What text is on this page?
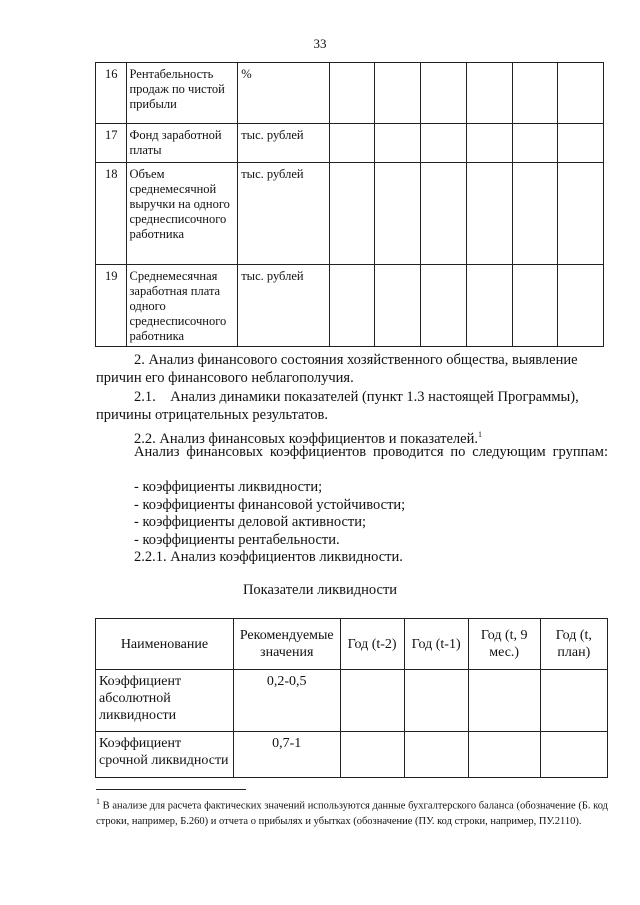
33
16	Рентабельность продаж по чистой прибыли	%						
17	Фонд заработной платы	тыс. рублей						
18	Объем среднемесячной выручки на одного среднесписочного работника	тыс. рублей						
19	Среднемесячная заработная плата одного среднесписочного работника	тыс. рублей						

2. Анализ финансового состояния хозяйственного общества, выявление причин его финансового неблагополучия.

2.1.    Анализ динамики показателей (пункт 1.3 настоящей Программы), причины отрицательных результатов.

2.2. Анализ финансовых коэффициентов и показателей.$^1$

Анализ финансовых коэффициентов проводится по следующим группам:

- коэффициенты ликвидности;
- коэффициенты финансовой устойчивости;
- коэффициенты деловой активности;
- коэффициенты рентабельности.

2.2.1. Анализ коэффициентов ликвидности.

Показатели ликвидности
Наименование	Рекомендуемые значения	Год (t-2)	Год (t-1)	Год (t, 9 мес.)	Год (t, план)
Коэффициент абсолютной ликвидности	0,2-0,5				
Коэффициент срочной ликвидности	0,7-1				

$^1$ В анализе для расчета фактических значений используются данные бухгалтерского баланса (обозначение (Б. код строки, например, Б.260) и отчета о прибылях и убытках (обозначение (ПУ. код строки, например, ПУ.2110).
